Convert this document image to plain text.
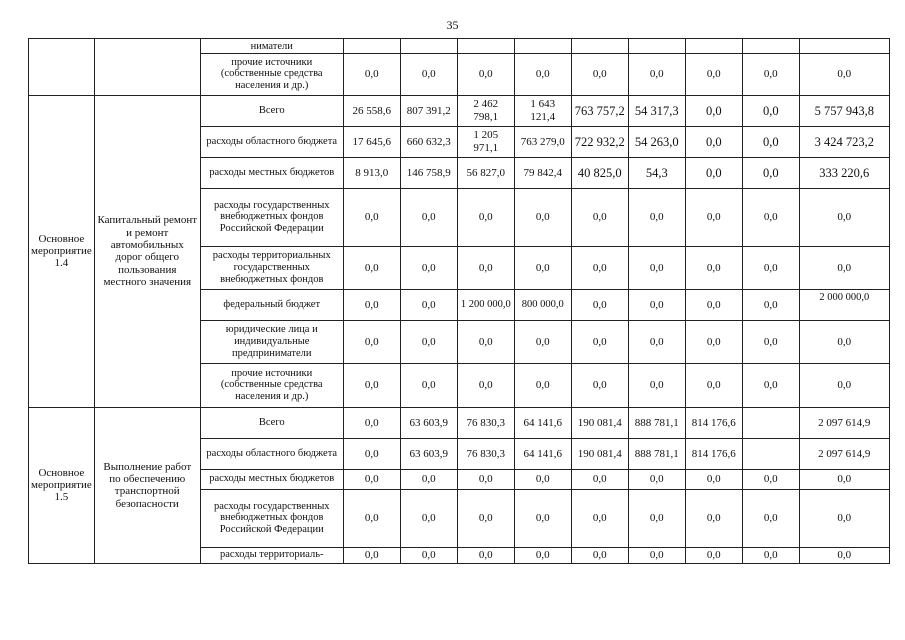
35
		ниматели									
		прочие источники (собственные средства населения и др.)	0,0	0,0	0,0	0,0	0,0	0,0	0,0	0,0	0,0
Основное мероприятие 1.4	Капитальный ремонт и ремонт автомобильных дорог общего пользования местного значения	Всего	26 558,6	807 391,2	2 462 798,1	1 643 121,4	763 757,2	54 317,3	0,0	0,0	5 757 943,8
		расходы областного бюджета	17 645,6	660 632,3	1 205 971,1	763 279,0	722 932,2	54 263,0	0,0	0,0	3 424 723,2
		расходы местных бюджетов	8 913,0	146 758,9	56 827,0	79 842,4	40 825,0	54,3	0,0	0,0	333 220,6
		расходы государственных внебюджетных фондов Российской Федерации	0,0	0,0	0,0	0,0	0,0	0,0	0,0	0,0	0,0
		расходы территориальных государственных внебюджетных фондов	0,0	0,0	0,0	0,0	0,0	0,0	0,0	0,0	0,0
		федеральный бюджет	0,0	0,0	1 200 000,0	800 000,0	0,0	0,0	0,0	0,0	2 000 000,0
		юридические лица и индивидуальные предприниматели	0,0	0,0	0,0	0,0	0,0	0,0	0,0	0,0	0,0
		прочие источники (собственные средства населения и др.)	0,0	0,0	0,0	0,0	0,0	0,0	0,0	0,0	0,0
Основное мероприятие 1.5	Выполнение работ по обеспечению транспортной безопасности	Всего	0,0	63 603,9	76 830,3	64 141,6	190 081,4	888 781,1	814 176,6		2 097 614,9
		расходы областного бюджета	0,0	63 603,9	76 830,3	64 141,6	190 081,4	888 781,1	814 176,6		2 097 614,9
		расходы местных бюджетов	0,0	0,0	0,0	0,0	0,0	0,0	0,0	0,0	0,0
		расходы государственных внебюджетных фондов Российской Федерации	0,0	0,0	0,0	0,0	0,0	0,0	0,0	0,0	0,0
		расходы территориаль-	0,0	0,0	0,0	0,0	0,0	0,0	0,0	0,0	0,0
